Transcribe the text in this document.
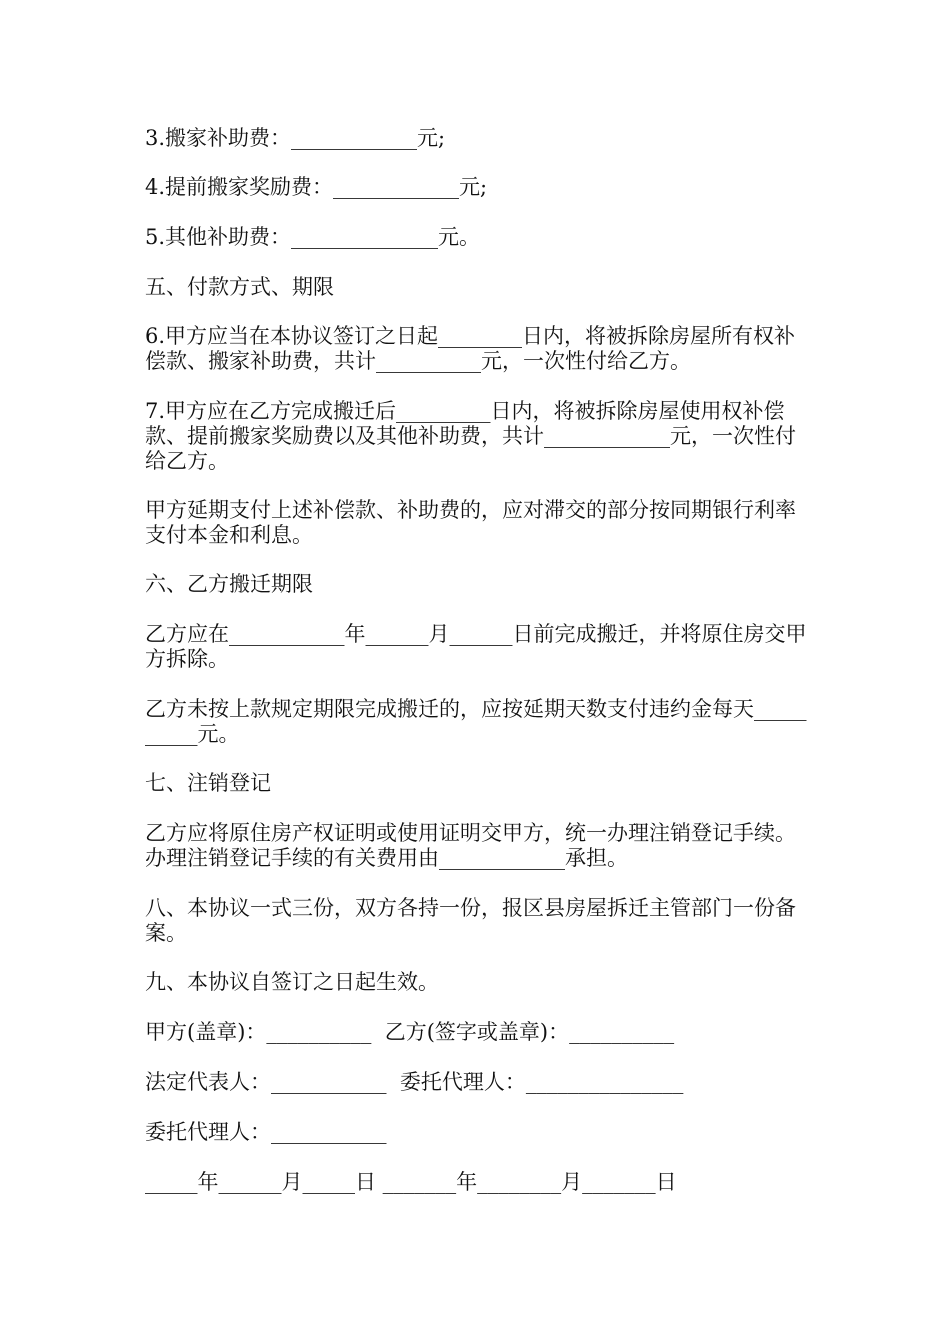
3.搬家补助费：____________元;

4.提前搬家奖励费：____________元;

5.其他补助费：______________元。

五、付款方式、期限

6.甲方应当在本协议签订之日起________日内，将被拆除房屋所有权补偿款、搬家补助费，共计__________元，一次性付给乙方。

7.甲方应在乙方完成搬迁后_________日内，将被拆除房屋使用权补偿款、提前搬家奖励费以及其他补助费，共计____________元，一次性付给乙方。

甲方延期支付上述补偿款、补助费的，应对滞交的部分按同期银行利率支付本金和利息。

六、乙方搬迁期限

乙方应在___________年______月______日前完成搬迁，并将原住房交甲方拆除。

乙方未按上款规定期限完成搬迁的，应按延期天数支付违约金每天__________元。

七、注销登记

乙方应将原住房产权证明或使用证明交甲方，统一办理注销登记手续。办理注销登记手续的有关费用由____________承担。

八、本协议一式三份，双方各持一份，报区县房屋拆迁主管部门一份备案。

九、本协议自签订之日起生效。

甲方(盖章)：__________  乙方(签字或盖章)：__________

法定代表人：___________  委托代理人：_______________

委托代理人：___________

_____年______月_____日 _______年________月_______日
